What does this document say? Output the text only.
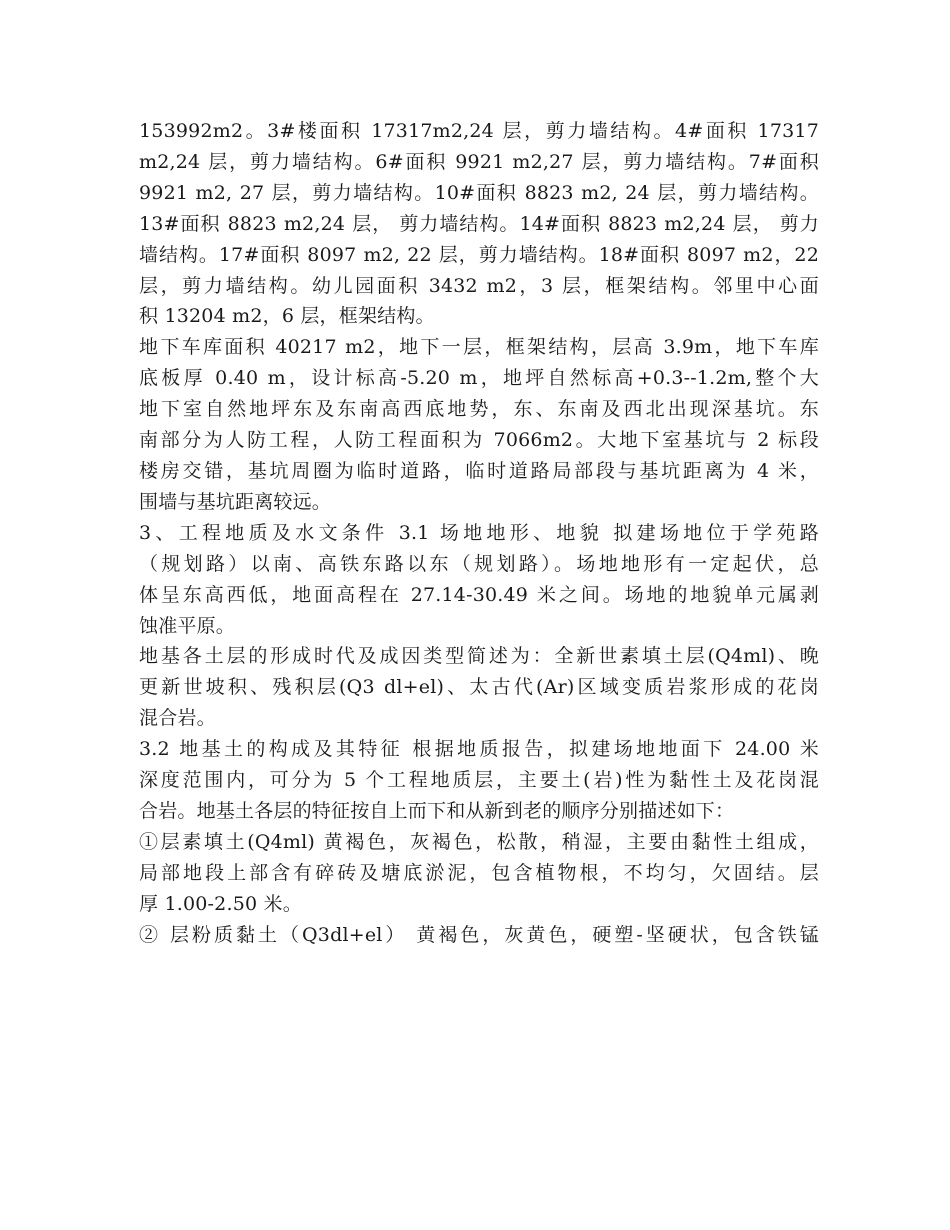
153992m2。3#楼面积 17317m2,24 层，剪力墙结构。4#面积 17317
m2,24 层，剪力墙结构。6#面积 9921 m2,27 层，剪力墙结构。7#面积
9921 m2, 27 层，剪力墙结构。10#面积 8823 m2, 24 层，剪力墙结构。
13#面积 8823 m2,24 层， 剪力墙结构。14#面积 8823 m2,24 层， 剪力
墙结构。17#面积 8097 m2, 22 层，剪力墙结构。18#面积 8097 m2，22
层，剪力墙结构。幼儿园面积 3432 m2，3 层，框架结构。邻里中心面
积 13204 m2，6 层，框架结构。
地下车库面积 40217 m2，地下一层，框架结构，层高 3.9m，地下车库
底板厚 0.40 m，设计标高-5.20 m，地坪自然标高+0.3--1.2m,整个大
地下室自然地坪东及东南高西底地势，东、东南及西北出现深基坑。东
南部分为人防工程，人防工程面积为 7066m2。大地下室基坑与 2 标段
楼房交错，基坑周圈为临时道路，临时道路局部段与基坑距离为 4 米，
围墙与基坑距离较远。
3、工程地质及水文条件 3.1 场地地形、地貌 拟建场地位于学苑路
（规划路）以南、高铁东路以东（规划路）。场地地形有一定起伏，总
体呈东高西低，地面高程在 27.14-30.49 米之间。场地的地貌单元属剥
蚀准平原。
地基各土层的形成时代及成因类型简述为：全新世素填土层(Q4ml)、晚
更新世坡积、残积层(Q3 dl+el)、太古代(Ar)区域变质岩浆形成的花岗
混合岩。
3.2 地基土的构成及其特征 根据地质报告，拟建场地地面下 24.00 米
深度范围内，可分为 5 个工程地质层，主要土(岩)性为黏性土及花岗混
合岩。地基土各层的特征按自上而下和从新到老的顺序分别描述如下：
①层素填土(Q4ml) 黄褐色，灰褐色，松散，稍湿，主要由黏性土组成，
局部地段上部含有碎砖及塘底淤泥，包含植物根，不均匀，欠固结。层
厚 1.00-2.50 米。
② 层粉质黏土（Q3dl+el） 黄褐色，灰黄色，硬塑-坚硬状，包含铁锰
